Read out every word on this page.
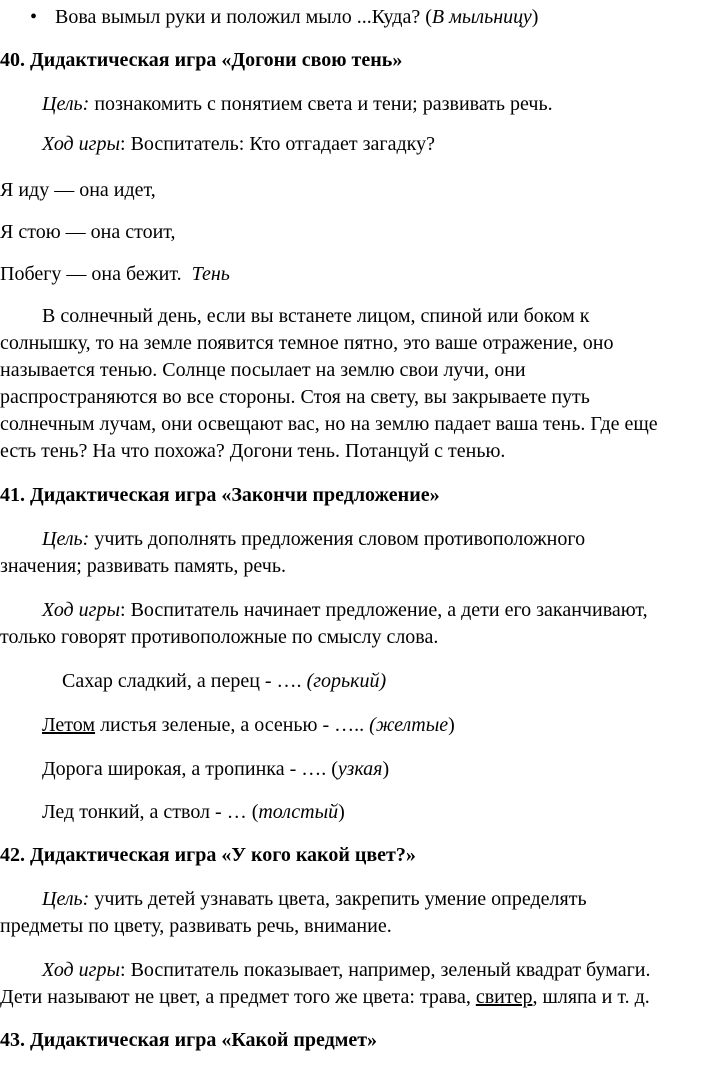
• Вова вымыл руки и положил мыло ...Куда? (В мыльницу)
40. Дидактическая игра «Догони свою тень»
Цель: познакомить с понятием света и тени; развивать речь.
Ход игры: Воспитатель: Кто отгадает загадку?
Я иду — она идет,
Я стою — она стоит,
Побегу — она бежит.  Тень
В солнечный день, если вы встанете лицом, спиной или боком к
солнышку, то на земле появится темное пятно, это ваше отражение, оно
называется тенью. Солнце посылает на землю свои лучи, они
распространяются во все стороны. Стоя на свету, вы закрываете путь
солнечным лучам, они освещают вас, но на землю падает ваша тень. Где еще
есть тень? На что похожа? Догони тень. Потанцуй с тенью.
41. Дидактическая игра «Закончи предложение»
Цель: учить дополнять предложения словом противоположного
значения; развивать память, речь.
Ход игры: Воспитатель начинает предложение, а дети его заканчивают,
только говорят противоположные по смыслу слова.
Сахар сладкий, а перец - …. (горький)
Летом листья зеленые, а осенью - ….. (желтые)
Дорога широкая, а тропинка - …. (узкая)
Лед тонкий, а ствол - … (толстый)
42. Дидактическая игра «У кого какой цвет?»
Цель: учить детей узнавать цвета, закрепить умение определять
предметы по цвету, развивать речь, внимание.
Ход игры: Воспитатель показывает, например, зеленый квадрат бумаги.
Дети называют не цвет, а предмет того же цвета: трава, свитер, шляпа и т. д.
43. Дидактическая игра «Какой предмет»
